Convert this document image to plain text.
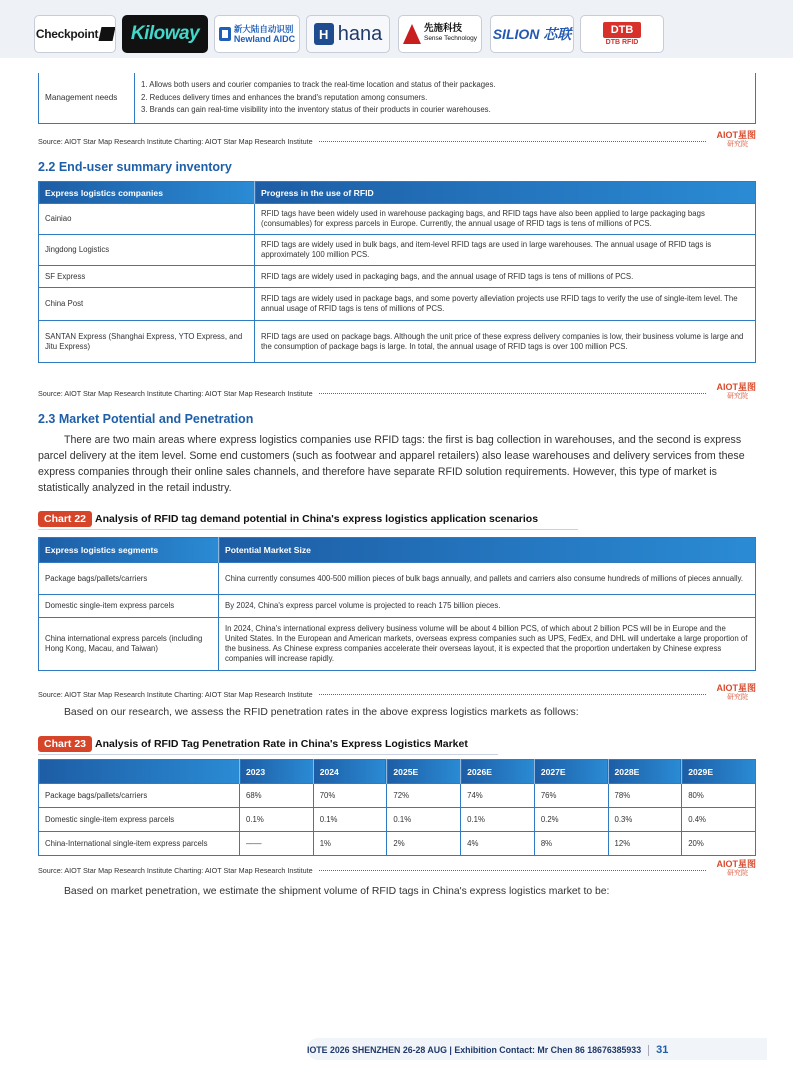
Checkpoint Kiloway	新大陆自动识别
Newland AIDC	H hana	先施科技
Sense Technology SILION 芯联	DTB
DTB RFID
Management needs	
1. Allows both users and courier companies to track the real-time location and status of their packages.
2. Reduces delivery times and enhances the brand's reputation among consumers.
3. Brands can gain real-time visibility into the inventory status of their products in courier warehouses.
Source: AIOT Star Map Research Institute Charting: AIOT Star Map Research Institute
AIOT星图
研究院
2.2 End-user summary inventory
Express logistics companies	Progress in the use of RFID
Cainiao	RFID tags have been widely used in warehouse packaging bags, and RFID tags have also been applied to large packaging bags (consumables) for express parcels in Europe. Currently, the annual usage of RFID tags is tens of millions of PCS.
Jingdong Logistics	RFID tags are widely used in bulk bags, and item-level RFID tags are used in large warehouses. The annual usage of RFID tags is approximately 100 million PCS.
SF Express	RFID tags are widely used in packaging bags, and the annual usage of RFID tags is tens of millions of PCS.
China Post	RFID tags are widely used in package bags, and some poverty alleviation projects use RFID tags to verify the use of single-item level. The annual usage of RFID tags is tens of millions of PCS.
SANTAN Express (Shanghai Express, YTO Express, and Jitu Express)	RFID tags are used on package bags. Although the unit price of these express delivery companies is low, their business volume is large and the consumption of package bags is large. In total, the annual usage of RFID tags is over 100 million PCS.
Source: AIOT Star Map Research Institute Charting: AIOT Star Map Research Institute
AIOT星图
研究院
2.3 Market Potential and Penetration
There are two main areas where express logistics companies use RFID tags: the first is bag collection in warehouses, and the second is express parcel delivery at the item level. Some end customers (such as footwear and apparel retailers) also lease warehouses and delivery services from these express companies through their online sales channels, and therefore have separate RFID solution requirements. However, this type of market is statistically analyzed in the retail industry.
Chart 22 Analysis of RFID tag demand potential in China's express logistics application scenarios
Express logistics segments	Potential Market Size
Package bags/pallets/carriers	China currently consumes 400-500 million pieces of bulk bags annually, and pallets and carriers also consume hundreds of millions of pieces annually.
Domestic single-item express parcels	By 2024, China's express parcel volume is projected to reach 175 billion pieces.
China international express parcels (including Hong Kong, Macau, and Taiwan)	In 2024, China's international express delivery business volume will be about 4 billion PCS, of which about 2 billion PCS will be in Europe and the United States. In the European and American markets, overseas express companies such as UPS, FedEx, and DHL will undertake a large proportion of the business. As Chinese express companies accelerate their overseas layout, it is expected that the proportion undertaken by Chinese express companies will increase rapidly.
Source: AIOT Star Map Research Institute Charting: AIOT Star Map Research Institute
AIOT星图
研究院
Based on our research, we assess the RFID penetration rates in the above express logistics markets as follows:
Chart 23 Analysis of RFID Tag Penetration Rate in China's Express Logistics Market
	2023	2024	2025E	2026E	2027E	2028E	2029E
Package bags/pallets/carriers	68%	70%	72%	74%	76%	78%	80%
Domestic single-item express parcels	0.1%	0.1%	0.1%	0.1%	0.2%	0.3%	0.4%
China-International single-item express parcels	——	1%	2%	4%	8%	12%	20%
Source: AIOT Star Map Research Institute Charting: AIOT Star Map Research Institute
AIOT星图
研究院
Based on market penetration, we estimate the shipment volume of RFID tags in China's express logistics market to be:
IOTE 2026 SHENZHEN 26-28 AUG | Exhibition Contact: Mr Chen 86 18676385933 31
